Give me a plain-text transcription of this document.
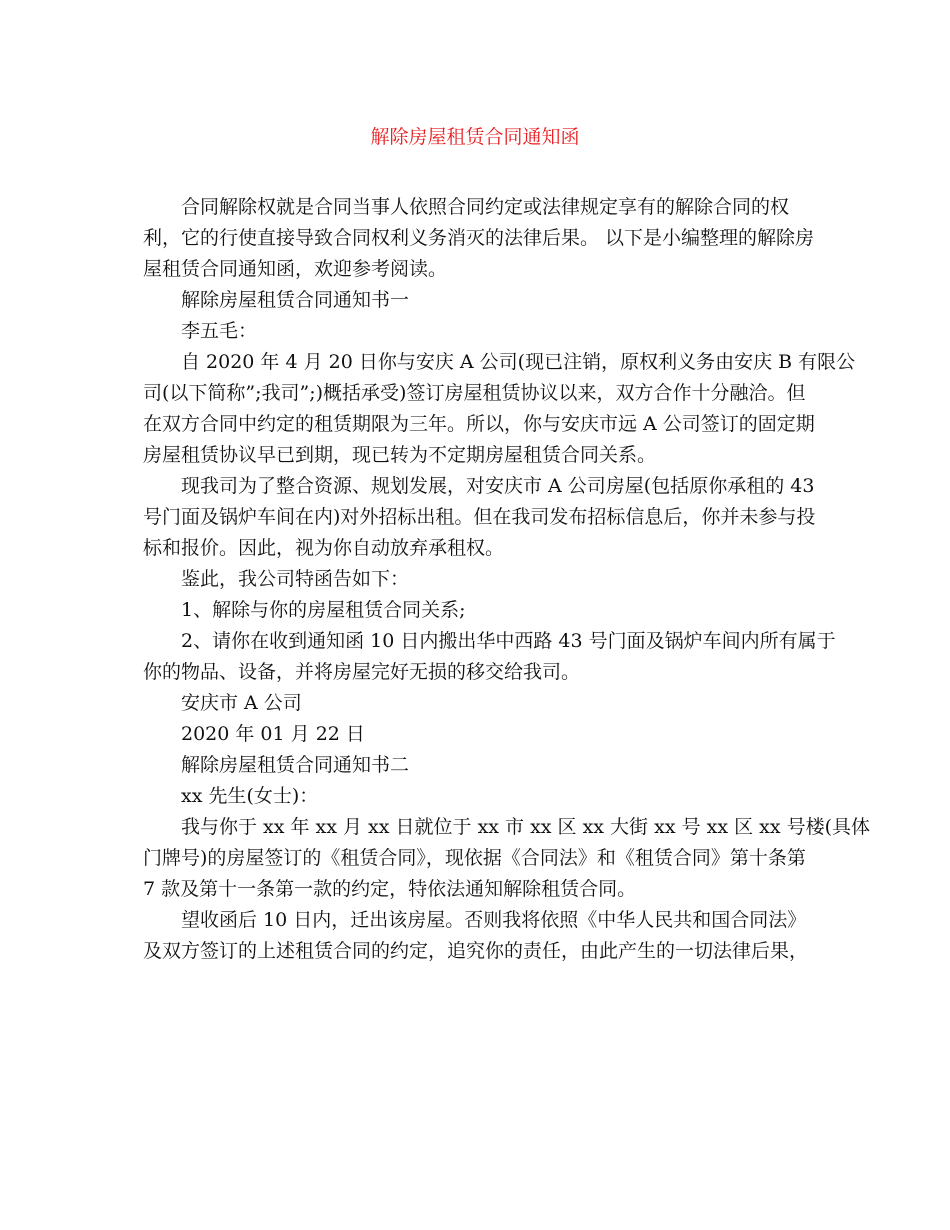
解除房屋租赁合同通知函
合同解除权就是合同当事人依照合同约定或法律规定享有的解除合同的权
利，它的行使直接导致合同权利义务消灭的法律后果。 以下是小编整理的解除房
屋租赁合同通知函，欢迎参考阅读。
解除房屋租赁合同通知书一
李五毛：
自 2020 年 4 月 20 日你与安庆 A 公司(现已注销，原权利义务由安庆 B 有限公
司(以下简称”;我司”;)概括承受)签订房屋租赁协议以来，双方合作十分融洽。但
在双方合同中约定的租赁期限为三年。所以，你与安庆市远 A 公司签订的固定期
房屋租赁协议早已到期，现已转为不定期房屋租赁合同关系。
现我司为了整合资源、规划发展，对安庆市 A 公司房屋(包括原你承租的 43
号门面及锅炉车间在内)对外招标出租。但在我司发布招标信息后，你并未参与投
标和报价。因此，视为你自动放弃承租权。
鉴此，我公司特函告如下：
1、解除与你的房屋租赁合同关系;
2、请你在收到通知函 10 日内搬出华中西路 43 号门面及锅炉车间内所有属于
你的物品、设备，并将房屋完好无损的移交给我司。
安庆市 A 公司
2020 年 01 月 22 日
解除房屋租赁合同通知书二
xx 先生(女士)：
我与你于 xx 年 xx 月 xx 日就位于 xx 市 xx 区 xx 大街 xx 号 xx 区 xx 号楼(具体
门牌号)的房屋签订的《租赁合同》，现依据《合同法》和《租赁合同》第十条第
7 款及第十一条第一款的约定，特依法通知解除租赁合同。
望收函后 10 日内，迁出该房屋。否则我将依照《中华人民共和国合同法》
及双方签订的上述租赁合同的约定，追究你的责任，由此产生的一切法律后果，
